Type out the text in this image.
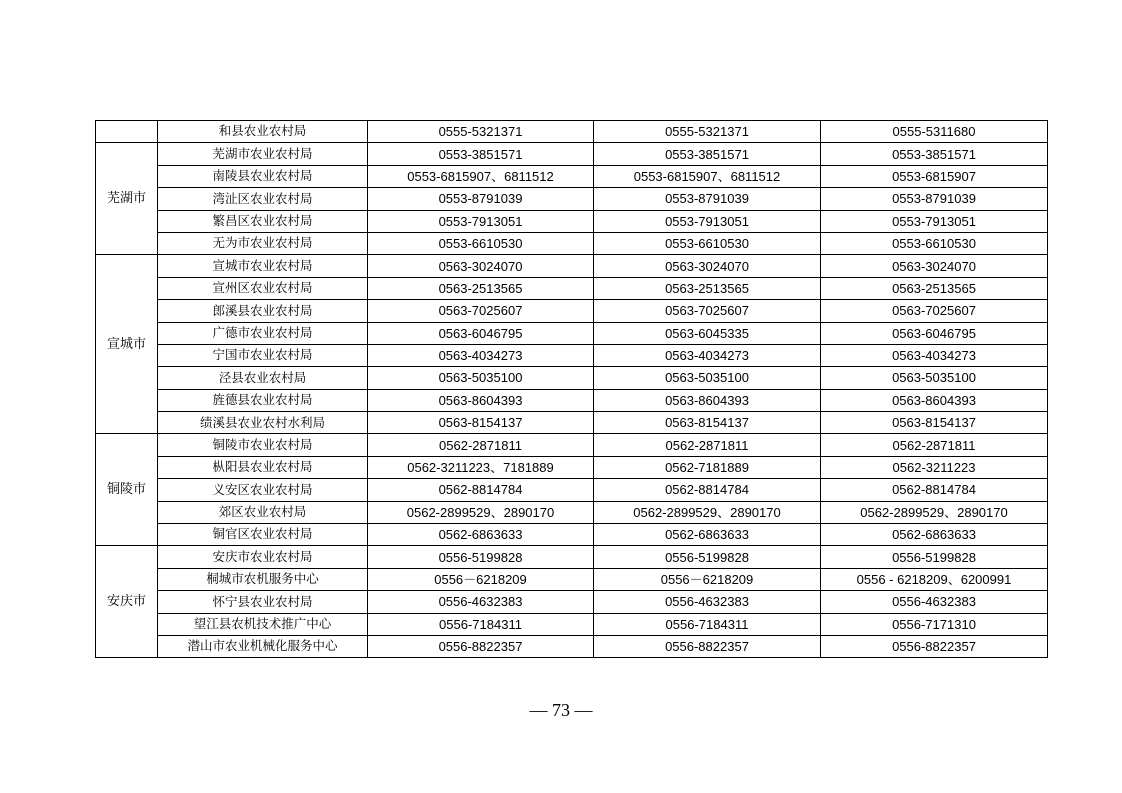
	和县农业农村局	0555-5321371	0555-5321371	0555-5311680
芜湖市	芜湖市农业农村局	0553-3851571	0553-3851571	0553-3851571
	南陵县农业农村局	0553-6815907、6811512	0553-6815907、6811512	0553-6815907
	湾沚区农业农村局	0553-8791039	0553-8791039	0553-8791039
	繁昌区农业农村局	0553-7913051	0553-7913051	0553-7913051
	无为市农业农村局	0553-6610530	0553-6610530	0553-6610530
宣城市	宣城市农业农村局	0563-3024070	0563-3024070	0563-3024070
	宣州区农业农村局	0563-2513565	0563-2513565	0563-2513565
	郎溪县农业农村局	0563-7025607	0563-7025607	0563-7025607
	广德市农业农村局	0563-6046795	0563-6045335	0563-6046795
	宁国市农业农村局	0563-4034273	0563-4034273	0563-4034273
	泾县农业农村局	0563-5035100	0563-5035100	0563-5035100
	旌德县农业农村局	0563-8604393	0563-8604393	0563-8604393
	绩溪县农业农村水利局	0563-8154137	0563-8154137	0563-8154137
铜陵市	铜陵市农业农村局	0562-2871811	0562-2871811	0562-2871811
	枞阳县农业农村局	0562-3211223、7181889	0562-7181889	0562-3211223
	义安区农业农村局	0562-8814784	0562-8814784	0562-8814784
	郊区农业农村局	0562-2899529、2890170	0562-2899529、2890170	0562-2899529、2890170
	铜官区农业农村局	0562-6863633	0562-6863633	0562-6863633
安庆市	安庆市农业农村局	0556-5199828	0556-5199828	0556-5199828
	桐城市农机服务中心	0556－6218209	0556－6218209	0556 - 6218209、6200991
	怀宁县农业农村局	0556-4632383	0556-4632383	0556-4632383
	望江县农机技术推广中心	0556-7184311	0556-7184311	0556-7171310
	潜山市农业机械化服务中心	0556-8822357	0556-8822357	0556-8822357
— 73 —
